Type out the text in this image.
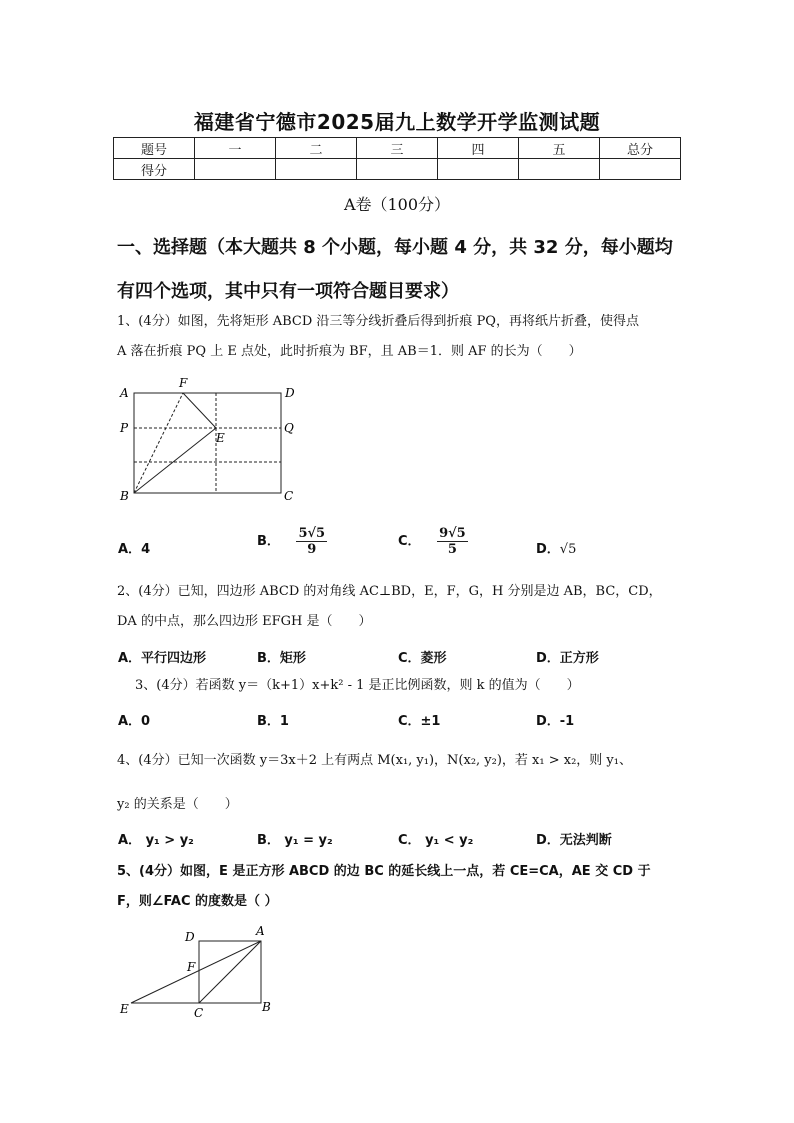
福建省宁德市2025届九上数学开学监测试题
题号	一	二	三	四	五	总分
得分						
A卷（100分）
一、选择题（本大题共 8 个小题，每小题 4 分，共 32 分，每小题均
有四个选项，其中只有一项符合题目要求）
1、(4分）如图，先将矩形 ABCD 沿三等分线折叠后得到折痕 PQ，再将纸片折叠，使得点
A 落在折痕 PQ 上 E 点处，此时折痕为 BF，且 AB＝1．则 AF 的长为（　　）
A
F
D
P
E
Q
B	C
A．4
B． $\frac{5√5}{9}$	C． $\frac{9√5}{5}$	D．√5
2、(4分）已知，四边形 ABCD 的对角线 AC⊥BD，E，F，G，H 分别是边 AB，BC，CD，
DA 的中点，那么四边形 EFGH 是（　　）
A．平行四边形	B．矩形	C．菱形	D．正方形
3、(4分）若函数 y＝（k+1）x+k² - 1 是正比例函数，则 k 的值为（　　）
A．0	B．1	C．±1	D．-1
4、(4分）已知一次函数 y＝3x＋2 上有两点 M(x₁, y₁)，N(x₂, y₂)，若 x₁ > x₂，则 y₁、
y₂ 的关系是（　　）
A． y₁ > y₂	B． y₁ = y₂	C． y₁ < y₂	D．无法判断
5、(4分）如图，E 是正方形 ABCD 的边 BC 的延长线上一点，若 CE=CA，AE 交 CD 于
F，则∠FAC 的度数是（ ）
D	A
F
E	C	B
